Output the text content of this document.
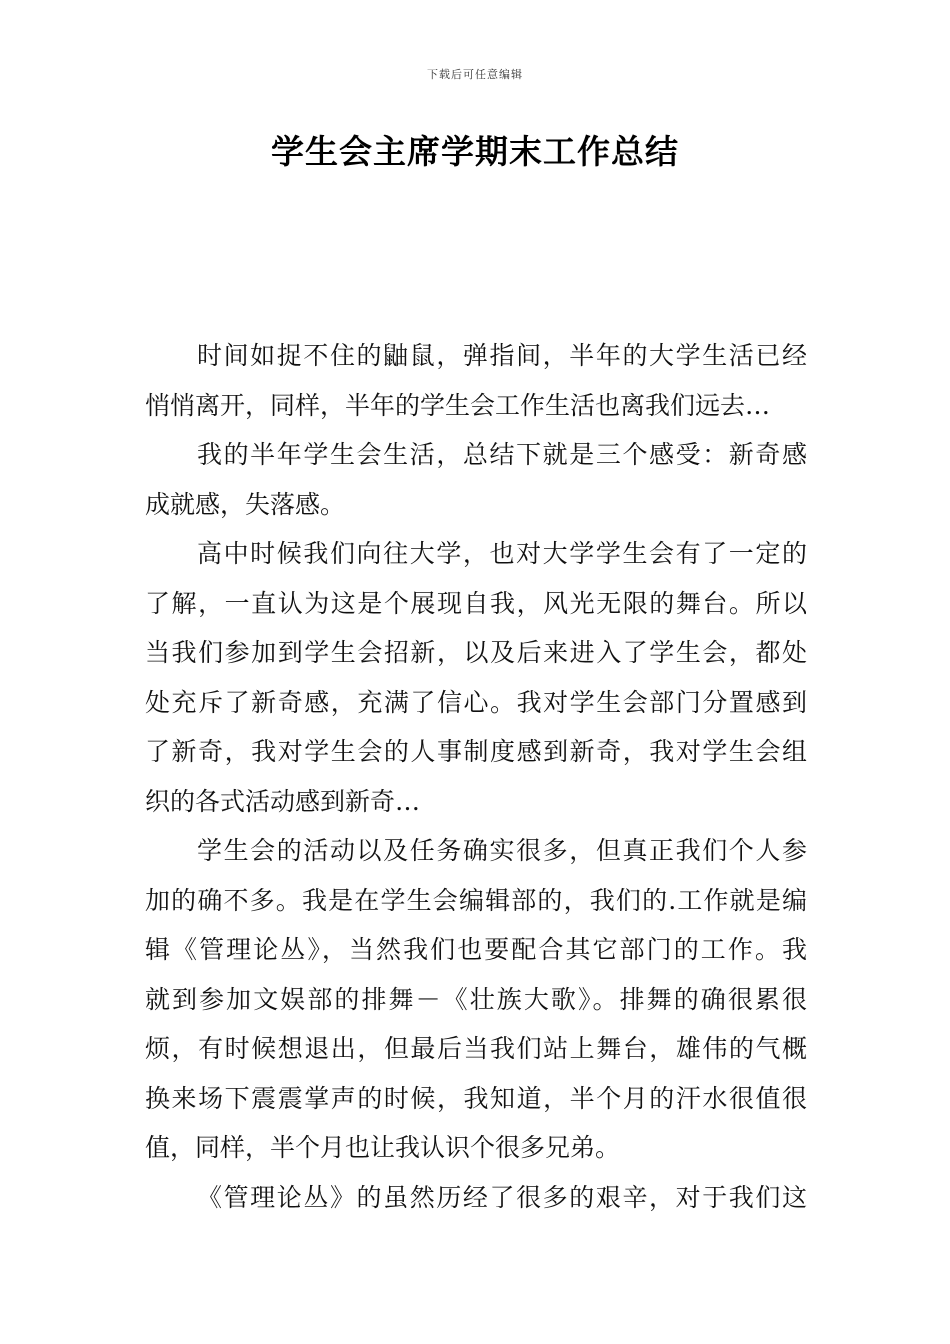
下载后可任意编辑
学生会主席学期末工作总结
时间如捉不住的鼬鼠，弹指间，半年的大学生活已经
悄悄离开，同样，半年的学生会工作生活也离我们远去…
我的半年学生会生活，总结下就是三个感受：新奇感
成就感，失落感。
高中时候我们向往大学，也对大学学生会有了一定的
了解，一直认为这是个展现自我，风光无限的舞台。所以
当我们参加到学生会招新，以及后来进入了学生会，都处
处充斥了新奇感，充满了信心。我对学生会部门分置感到
了新奇，我对学生会的人事制度感到新奇，我对学生会组
织的各式活动感到新奇…
学生会的活动以及任务确实很多，但真正我们个人参
加的确不多。我是在学生会编辑部的，我们的.工作就是编
辑《管理论丛》，当然我们也要配合其它部门的工作。我
就到参加文娱部的排舞－《壮族大歌》。排舞的确很累很
烦，有时候想退出，但最后当我们站上舞台，雄伟的气概
换来场下震震掌声的时候，我知道，半个月的汗水很值很
值，同样，半个月也让我认识个很多兄弟。
《管理论丛》的虽然历经了很多的艰辛，对于我们这
